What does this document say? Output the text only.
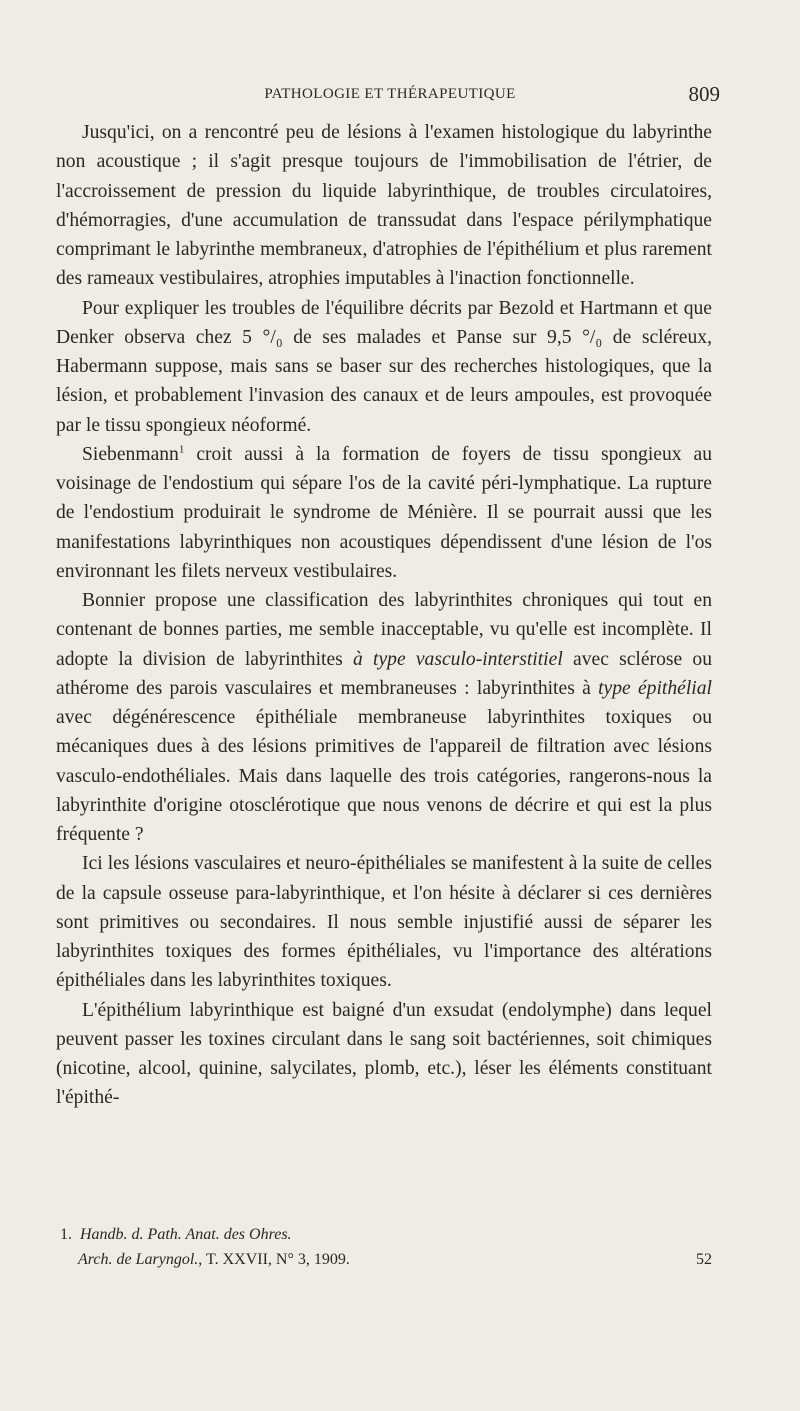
PATHOLOGIE ET THÉRAPEUTIQUE	809

Jusqu'ici, on a rencontré peu de lésions à l'examen histologique du labyrinthe non acoustique ; il s'agit presque toujours de l'immobilisation de l'étrier, de l'accroissement de pression du liquide labyrinthique, de troubles circulatoires, d'hémorragies, d'une accumulation de transsudat dans l'espace périlymphatique comprimant le labyrinthe membraneux, d'atrophies de l'épithélium et plus rarement des rameaux vestibulaires, atrophies imputables à l'inaction fonctionnelle.

Pour expliquer les troubles de l'équilibre décrits par Bezold et Hartmann et que Denker observa chez 5 °/₀ de ses malades et Panse sur 9,5 °/₀ de scléreux, Habermann suppose, mais sans se baser sur des recherches histologiques, que la lésion, et probablement l'invasion des canaux et de leurs ampoules, est provoquée par le tissu spongieux néoformé.

Siebenmann$^1$ croit aussi à la formation de foyers de tissu spongieux au voisinage de l'endostium qui sépare l'os de la cavité péri-lymphatique. La rupture de l'endostium produirait le syndrome de Ménière. Il se pourrait aussi que les manifestations labyrinthiques non acoustiques dépendissent d'une lésion de l'os environnant les filets nerveux vestibulaires.

Bonnier propose une classification des labyrinthites chroniques qui tout en contenant de bonnes parties, me semble inacceptable, vu qu'elle est incomplète. Il adopte la division de labyrinthites à type vasculo-interstitiel avec sclérose ou athérome des parois vasculaires et membraneuses : labyrinthites à type épithélial avec dégénérescence épithéliale membraneuse labyrinthites toxiques ou mécaniques dues à des lésions primitives de l'appareil de filtration avec lésions vasculo-endothéliales. Mais dans laquelle des trois catégories, rangerons-nous la labyrinthite d'origine otosclérotique que nous venons de décrire et qui est la plus fréquente ?

Ici les lésions vasculaires et neuro-épithéliales se manifestent à la suite de celles de la capsule osseuse para-labyrinthique, et l'on hésite à déclarer si ces dernières sont primitives ou secondaires. Il nous semble injustifié aussi de séparer les labyrinthites toxiques des formes épithéliales, vu l'importance des altérations épithéliales dans les labyrinthites toxiques.

L'épithélium labyrinthique est baigné d'un exsudat (endolymphe) dans lequel peuvent passer les toxines circulant dans le sang soit bactériennes, soit chimiques (nicotine, alcool, quinine, salycilates, plomb, etc.), léser les éléments constituant l'épithé-

1. Handb. d. Path. Anat. des Ohres.

Arch. de Laryngol., T. XXVII, N° 3, 1909.	52
